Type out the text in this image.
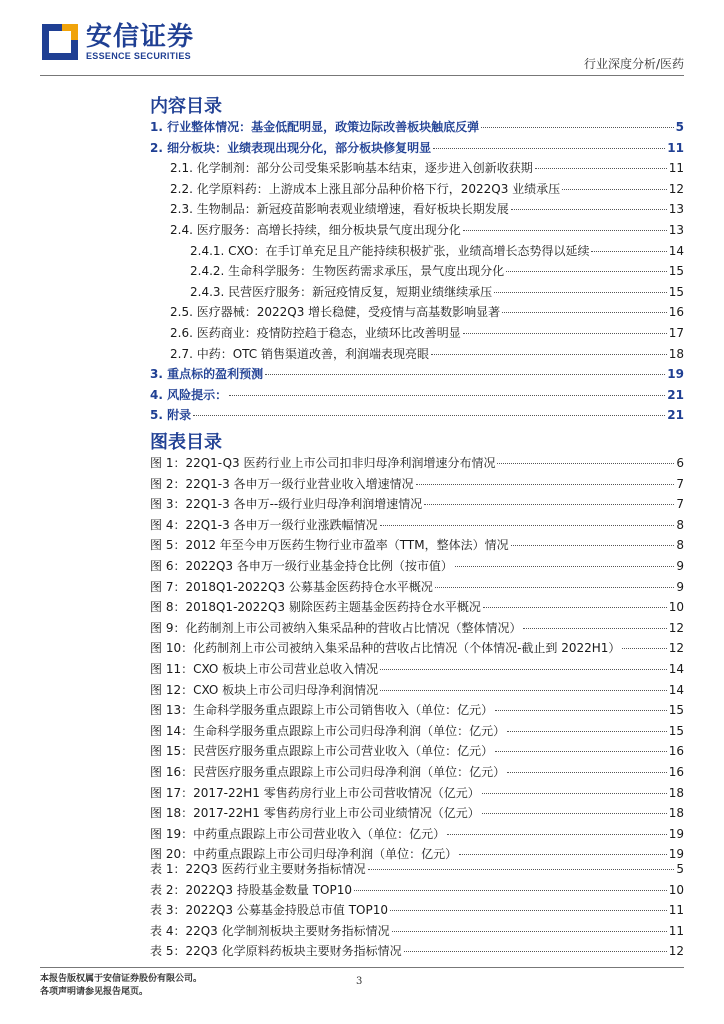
安信证券
ESSENCE SECURITIES
行业深度分析/医药
内容目录
1. 行业整体情况：基金低配明显，政策边际改善板块触底反弹	5
2. 细分板块：业绩表现出现分化，部分板块修复明显	11
2.1. 化学制剂：部分公司受集采影响基本结束，逐步进入创新收获期	11
2.2. 化学原料药：上游成本上涨且部分品种价格下行，2022Q3 业绩承压	12
2.3. 生物制品：新冠疫苗影响表观业绩增速，看好板块长期发展	13
2.4. 医疗服务：高增长持续，细分板块景气度出现分化	13
2.4.1. CXO：在手订单充足且产能持续积极扩张，业绩高增长态势得以延续	14
2.4.2. 生命科学服务：生物医药需求承压，景气度出现分化	15
2.4.3. 民营医疗服务：新冠疫情反复，短期业绩继续承压	15
2.5. 医疗器械：2022Q3 增长稳健，受疫情与高基数影响显著	16
2.6. 医药商业：疫情防控趋于稳态，业绩环比改善明显	17
2.7. 中药：OTC 销售渠道改善，利润端表现亮眼	18
3. 重点标的盈利预测	19
4. 风险提示：	21
5. 附录	21
图表目录
图 1：22Q1-Q3 医药行业上市公司扣非归母净利润增速分布情况	6
图 2：22Q1-3 各申万一级行业营业收入增速情况	7
图 3：22Q1-3 各申万--级行业归母净利润增速情况	7
图 4：22Q1-3 各申万一级行业涨跌幅情况	8
图 5：2012 年至今申万医药生物行业市盈率（TTM，整体法）情况	8
图 6：2022Q3 各申万一级行业基金持仓比例（按市值）	9
图 7：2018Q1-2022Q3 公募基金医药持仓水平概况	9
图 8：2018Q1-2022Q3 剔除医药主题基金医药持仓水平概况	10
图 9：化药制剂上市公司被纳入集采品种的营收占比情况（整体情况）	12
图 10：化药制剂上市公司被纳入集采品种的营收占比情况（个体情况-截止到 2022H1）	12
图 11：CXO 板块上市公司营业总收入情况	14
图 12：CXO 板块上市公司归母净利润情况	14
图 13：生命科学服务重点跟踪上市公司销售收入（单位：亿元）	15
图 14：生命科学服务重点跟踪上市公司归母净利润（单位：亿元）	15
图 15：民营医疗服务重点跟踪上市公司营业收入（单位：亿元）	16
图 16：民营医疗服务重点跟踪上市公司归母净利润（单位：亿元）	16
图 17：2017-22H1 零售药房行业上市公司营收情况（亿元）	18
图 18：2017-22H1 零售药房行业上市公司业绩情况（亿元）	18
图 19：中药重点跟踪上市公司营业收入（单位：亿元）	19
图 20：中药重点跟踪上市公司归母净利润（单位：亿元）	19
表 1：22Q3 医药行业主要财务指标情况	5
表 2：2022Q3 持股基金数量 TOP10	10
表 3：2022Q3 公募基金持股总市值 TOP10	11
表 4：22Q3 化学制剂板块主要财务指标情况	11
表 5：22Q3 化学原料药板块主要财务指标情况	12
本报告版权属于安信证券股份有限公司。
各项声明请参见报告尾页。
3
